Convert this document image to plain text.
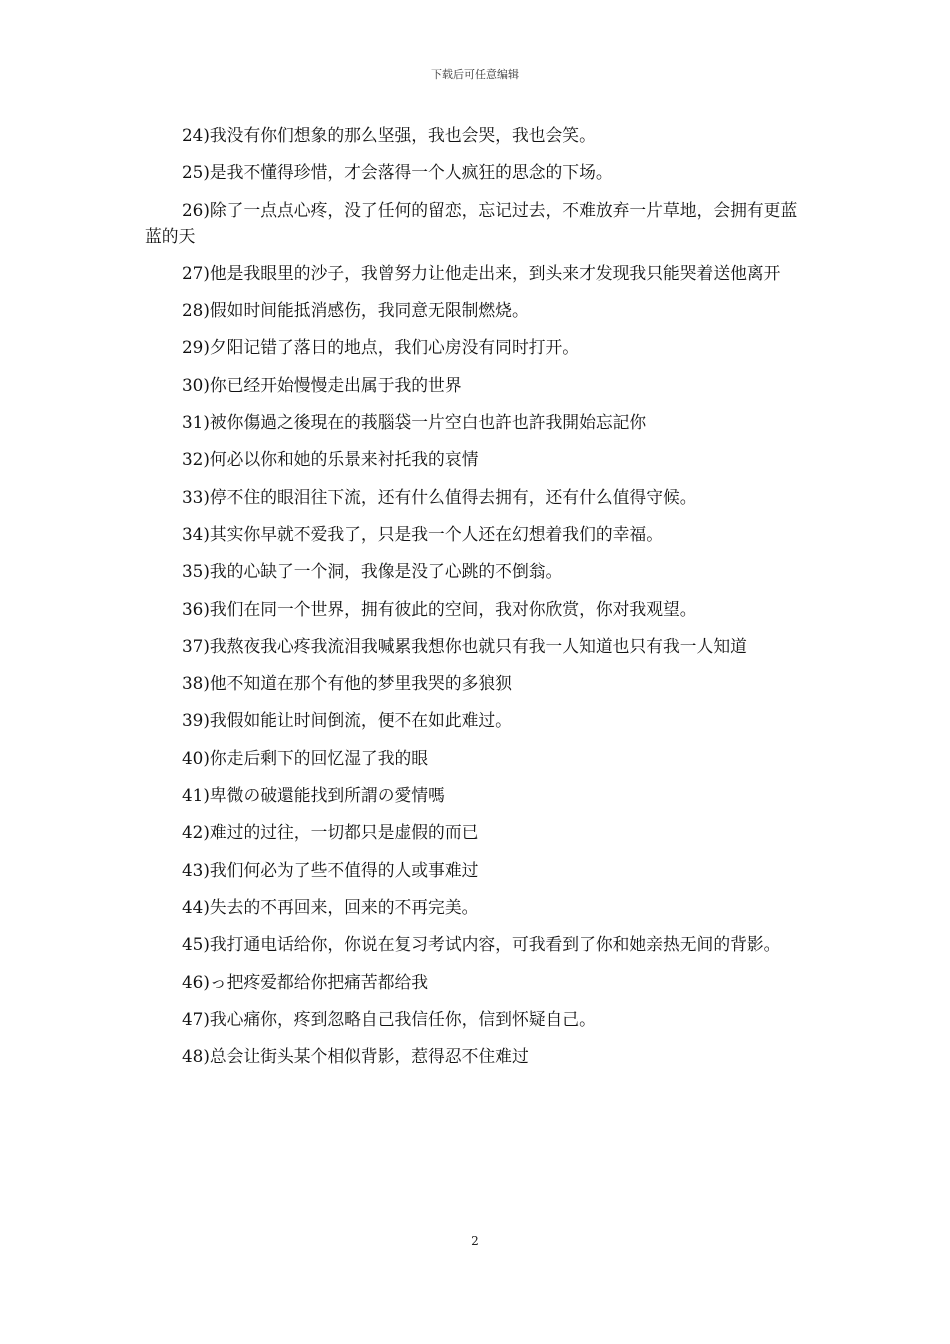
下载后可任意编辑

24)我没有你们想象的那么坚强，我也会哭，我也会笑。

25)是我不懂得珍惜，才会落得一个人疯狂的思念的下场。

26)除了一点点心疼，没了任何的留恋，忘记过去，不难放弃一片草地，会拥有更蓝蓝的天

27)他是我眼里的沙子，我曾努力让他走出来，到头来才发现我只能哭着送他离开

28)假如时间能抵消感伤，我同意无限制燃烧。

29)夕阳记错了落日的地点，我们心房没有同时打开。

30)你已经开始慢慢走出属于我的世界

31)被你傷過之後現在的莪腦袋一片空白也許也許我開始忘記你

32)何必以你和她的乐景来衬托我的哀情

33)停不住的眼泪往下流，还有什么值得去拥有，还有什么值得守候。

34)其实你早就不爱我了，只是我一个人还在幻想着我们的幸福。

35)我的心缺了一个洞，我像是没了心跳的不倒翁。

36)我们在同一个世界，拥有彼此的空间，我对你欣赏，你对我观望。

37)我熬夜我心疼我流泪我喊累我想你也就只有我一人知道也只有我一人知道

38)他不知道在那个有他的梦里我哭的多狼狈

39)我假如能让时间倒流，便不在如此难过。

40)你走后剩下的回忆湿了我的眼

41)卑微の破還能找到所謂の愛情嗎

42)难过的过往，一切都只是虚假的而已

43)我们何必为了些不值得的人或事难过

44)失去的不再回来，回来的不再完美。

45)我打通电话给你，你说在复习考试内容，可我看到了你和她亲热无间的背影。

46)っ把疼爱都给你把痛苦都给我

47)我心痛你，疼到忽略自己我信任你，信到怀疑自己。

48)总会让街头某个相似背影，惹得忍不住难过

2
